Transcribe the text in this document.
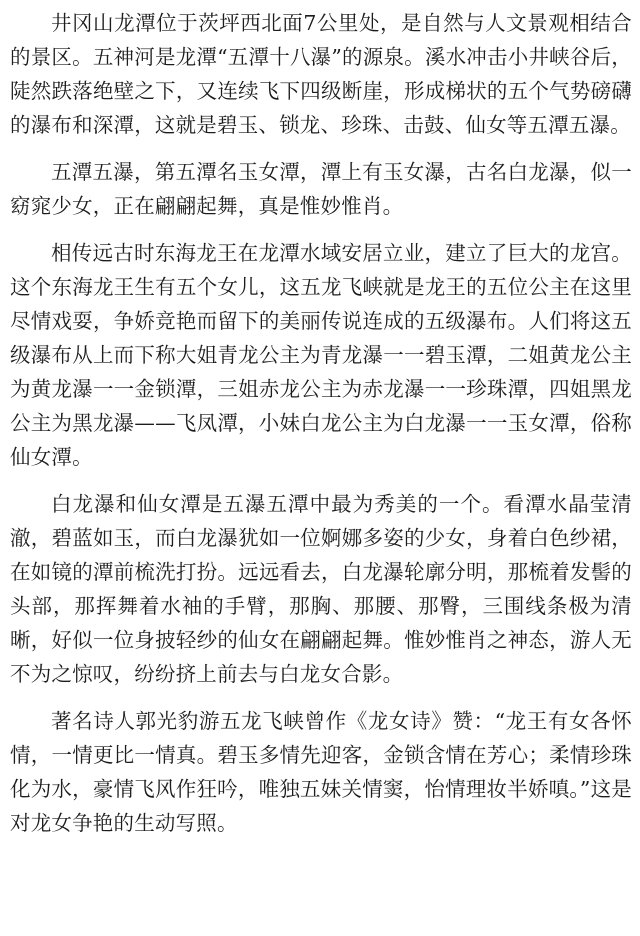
井冈山龙潭位于茨坪西北面7公里处，是自然与人文景观相结合的景区。五神河是龙潭“五潭十八瀑”的源泉。溪水冲击小井峡谷后，陡然跌落绝壁之下，又连续飞下四级断崖，形成梯状的五个气势磅礴的瀑布和深潭，这就是碧玉、锁龙、珍珠、击鼓、仙女等五潭五瀑。

五潭五瀑，第五潭名玉女潭，潭上有玉女瀑，古名白龙瀑，似一窈窕少女，正在翩翩起舞，真是惟妙惟肖。

相传远古时东海龙王在龙潭水域安居立业，建立了巨大的龙宫。这个东海龙王生有五个女儿，这五龙飞峡就是龙王的五位公主在这里尽情戏耍，争娇竞艳而留下的美丽传说连成的五级瀑布。人们将这五级瀑布从上而下称大姐青龙公主为青龙瀑一一碧玉潭，二姐黄龙公主为黄龙瀑一一金锁潭，三姐赤龙公主为赤龙瀑一一珍珠潭，四姐黑龙公主为黑龙瀑——飞凤潭，小妹白龙公主为白龙瀑一一玉女潭，俗称仙女潭。

白龙瀑和仙女潭是五瀑五潭中最为秀美的一个。看潭水晶莹清澈，碧蓝如玉，而白龙瀑犹如一位婀娜多姿的少女，身着白色纱裙，在如镜的潭前梳洗打扮。远远看去，白龙瀑轮廓分明，那梳着发髻的头部，那挥舞着水袖的手臂，那胸、那腰、那臀，三围线条极为清晰，好似一位身披轻纱的仙女在翩翩起舞。惟妙惟肖之神态，游人无不为之惊叹，纷纷挤上前去与白龙女合影。

著名诗人郭光豹游五龙飞峡曾作《龙女诗》赞：“龙王有女各怀情，一情更比一情真。碧玉多情先迎客，金锁含情在芳心；柔情珍珠化为水，豪情飞风作狂吟，唯独五妹关情窦，怡情理妆半娇嗔。”这是对龙女争艳的生动写照。
